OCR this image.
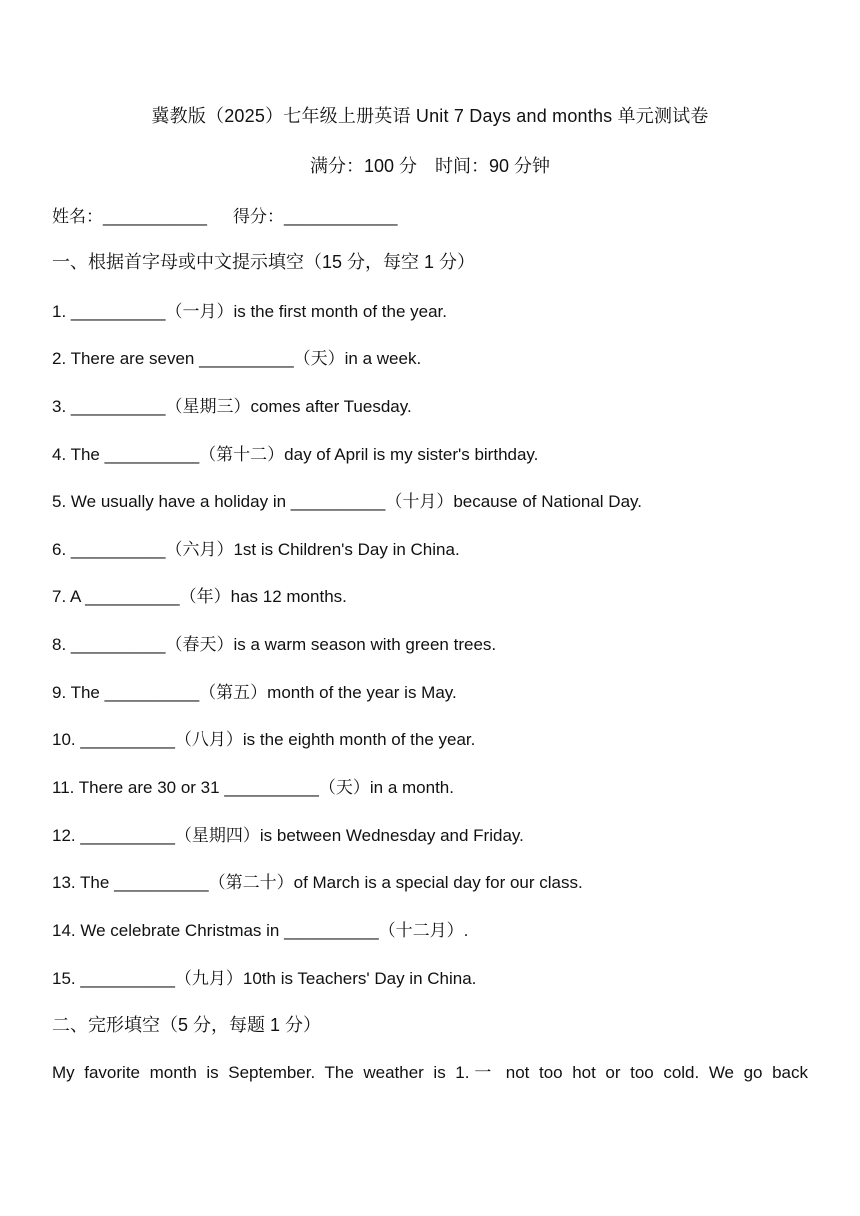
冀教版（2025）七年级上册英语 Unit 7 Days and months 单元测试卷
满分：100 分　时间：90 分钟
姓名：___________ 得分：____________
一、根据首字母或中文提示填空（15 分，每空 1 分）
1. __________（一月）is the first month of the year.
2. There are seven __________（天）in a week.
3. __________（星期三）comes after Tuesday.
4. The __________（第十二）day of April is my sister's birthday.
5. We usually have a holiday in __________（十月）because of National Day.
6. __________（六月）1st is Children's Day in China.
7. A __________（年）has 12 months.
8. __________（春天）is a warm season with green trees.
9. The __________（第五）month of the year is May.
10. __________（八月）is the eighth month of the year.
11. There are 30 or 31 __________（天）in a month.
12. __________（星期四）is between Wednesday and Friday.
13. The __________（第二十）of March is a special day for our class.
14. We celebrate Christmas in __________（十二月）.
15. __________（九月）10th is Teachers' Day in China.
二、完形填空（5 分，每题 1 分）
My favorite month is September. The weather is 1.一 not too hot or too cold. We go back
